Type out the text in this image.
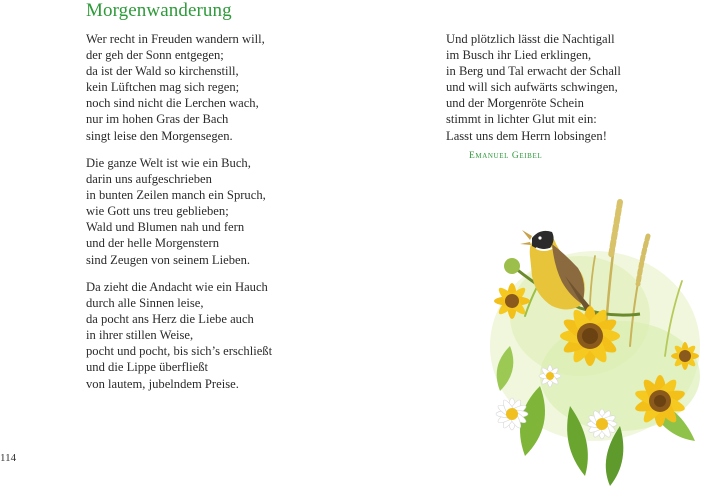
Morgenwanderung
Wer recht in Freuden wandern will,
der geh der Sonn entgegen;
da ist der Wald so kirchenstill,
kein Lüftchen mag sich regen;
noch sind nicht die Lerchen wach,
nur im hohen Gras der Bach
singt leise den Morgensegen.
Die ganze Welt ist wie ein Buch,
darin uns aufgeschrieben
in bunten Zeilen manch ein Spruch,
wie Gott uns treu geblieben;
Wald und Blumen nah und fern
und der helle Morgenstern
sind Zeugen von seinem Lieben.
Da zieht die Andacht wie ein Hauch
durch alle Sinnen leise,
da pocht ans Herz die Liebe auch
in ihrer stillen Weise,
pocht und pocht, bis sich’s erschließt
und die Lippe überfließt
von lautem, jubelndem Preise.
Und plötzlich lässt die Nachtigall
im Busch ihr Lied erklingen,
in Berg und Tal erwacht der Schall
und will sich aufwärts schwingen,
und der Morgenröte Schein
stimmt in lichter Glut mit ein:
Lasst uns dem Herrn lobsingen!
Emanuel Geibel
114
